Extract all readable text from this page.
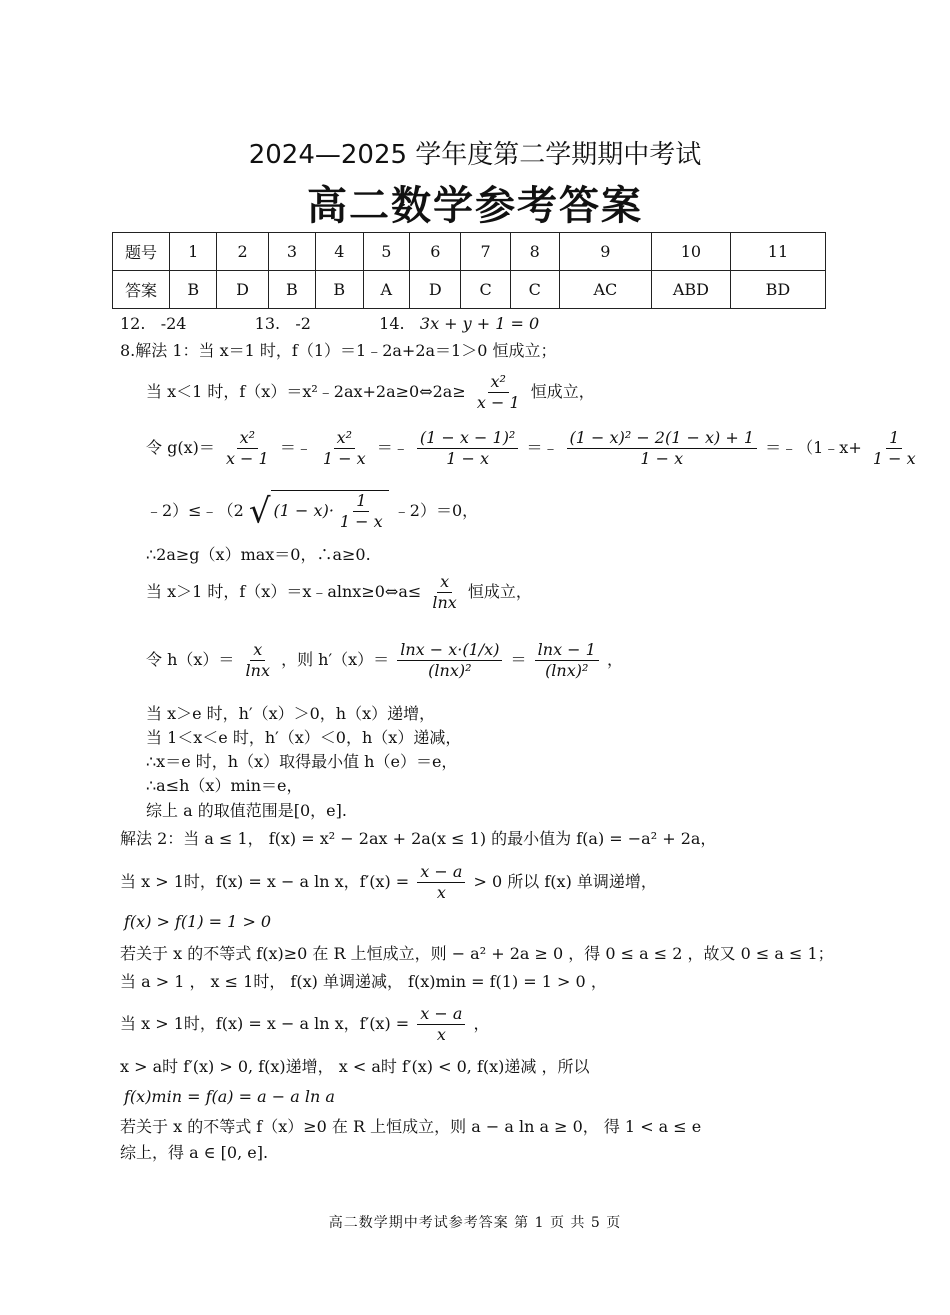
2024—2025 学年度第二学期期中考试
高二数学参考答案
题号	1	2	3	4	5	6	7	8	9	10	11
答案	B	D	B	B	A	D	C	C	AC	ABD	BD
12. -24	13. -2	14. 3x + y + 1 = 0
8.解法 1：当 x＝1 时，f（1）＝1﹣2a+2a＝1＞0 恒成立；
当 x＜1 时，f（x）＝x²﹣2ax+2a≥0⇔2a≥ $\frac{\text{x²}}{x - 1}$ 恒成立，
令 $g(x)= \frac{\text{x²}}{x - 1}$ ＝﹣ $\frac{\text{x²}}{1 - x}$ ＝﹣ $\frac{\text{(1 − x − 1)²}}{1 - x}$ ＝﹣ $\frac{\text{(1 − x)² − 2(1 − x) + 1}}{1 - x}$ ＝﹣（1﹣x+ $\frac{1}{1 - x}$
﹣2）≤﹣（2 √ $(1 - x)\cdot \frac{1}{1 - x}$ ﹣2）＝0，
∴2a≥g（x）max＝0，∴a≥0.
当 x＞1 时，f（x）＝x﹣alnx≥0⇔a≤ $\frac{x}{\ln x}$ 恒成立，
令 $h(x)= \frac{x}{\ln x}$ ，则 $h'(x)= \frac{\ln x - x\cdot(1/x)}{\text{(lnx)²}} = \frac{\ln x - 1}{\text{(lnx)²}}$ ，
当 x＞e 时，h′（x）＞0，h（x）递增，
当 1＜x＜e 时，h′（x）＜0，h（x）递减，
∴x＝e 时，h（x）取得最小值 h（e）＝e，
∴a≤h（x）min＝e，
综上 a 的取值范围是[0，e].
解法 2：当 a ≤ 1， f(x) = x² − 2ax + 2a(x ≤ 1) 的最小值为 f(a) = −a² + 2a，
当 x > 1时，f(x) = x − a ln x，$f'(x) = \frac{x - a}{x} > 0$ 所以 f(x) 单调递增，
f(x) > f(1) = 1 > 0
若关于 x 的不等式 f(x)≥0 在 R 上恒成立，则 − a² + 2a ≥ 0 ，得 0 ≤ a ≤ 2 ，故又 0 ≤ a ≤ 1；
当 a > 1 ， x ≤ 1时， f(x) 单调递减， f(x)min = f(1) = 1 > 0 ，
当 x > 1时，f(x) = x − a ln x，$f'(x) = \frac{x - a}{x}$ ，
x > a时 f′(x) > 0, f(x)递增， x < a时 f′(x) < 0, f(x)递减 ，所以
f(x)min = f(a) = a − a ln a
若关于 x 的不等式 f（x）≥0 在 R 上恒成立，则 a − a ln a ≥ 0， 得 1 < a ≤ e
综上，得 a ∈ [0, e].
高二数学期中考试参考答案 第 1 页 共 5 页
